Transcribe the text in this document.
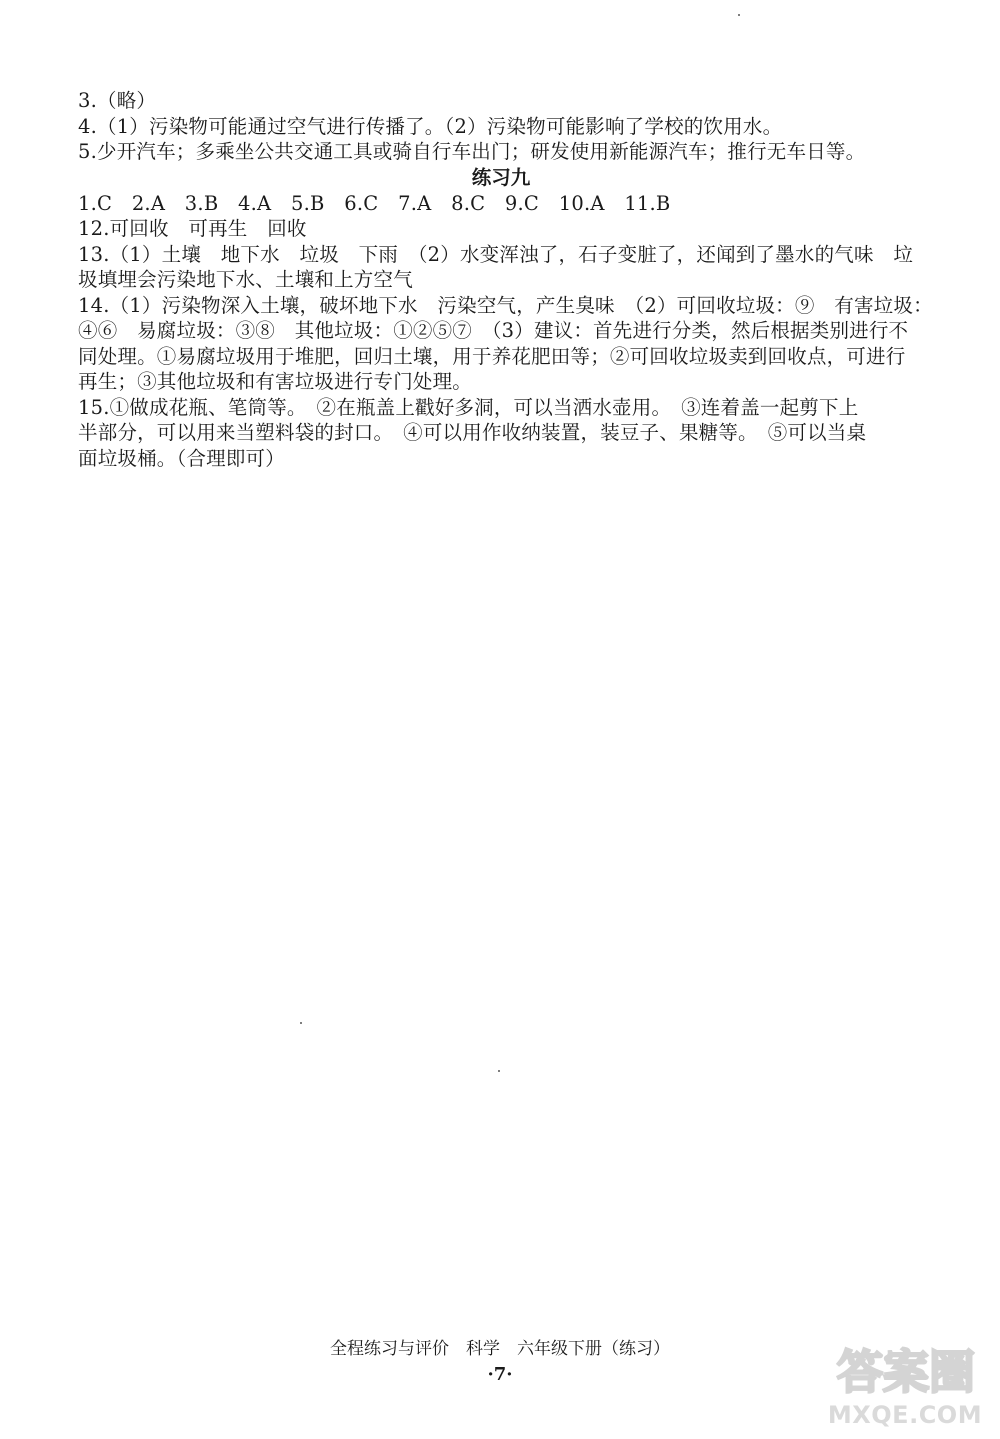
3.（略）
4.（1）污染物可能通过空气进行传播了。（2）污染物可能影响了学校的饮用水。
5.少开汽车；多乘坐公共交通工具或骑自行车出门；研发使用新能源汽车；推行无车日等。
练习九
1.C　2.A　3.B　4.A　5.B　6.C　7.A　8.C　9.C　10.A　11.B
12.可回收　可再生　回收
13.（1）土壤　地下水　垃圾　下雨　（2）水变浑浊了，石子变脏了，还闻到了墨水的气味　垃
圾填埋会污染地下水、土壤和上方空气
14.（1）污染物深入土壤，破坏地下水　污染空气，产生臭味　（2）可回收垃圾：⑨　有害垃圾：
④⑥　易腐垃圾：③⑧　其他垃圾：①②⑤⑦　（3）建议：首先进行分类，然后根据类别进行不
同处理。①易腐垃圾用于堆肥，回归土壤，用于养花肥田等；②可回收垃圾卖到回收点，可进行
再生；③其他垃圾和有害垃圾进行专门处理。
15.①做成花瓶、笔筒等。　②在瓶盖上戳好多洞，可以当洒水壶用。　③连着盖一起剪下上
半部分，可以用来当塑料袋的封口。　④可以用作收纳装置，装豆子、果糖等。　⑤可以当桌
面垃圾桶。（合理即可）
全程练习与评价　科学　六年级下册（练习）
·7·	答案圈
MXQE.COM
